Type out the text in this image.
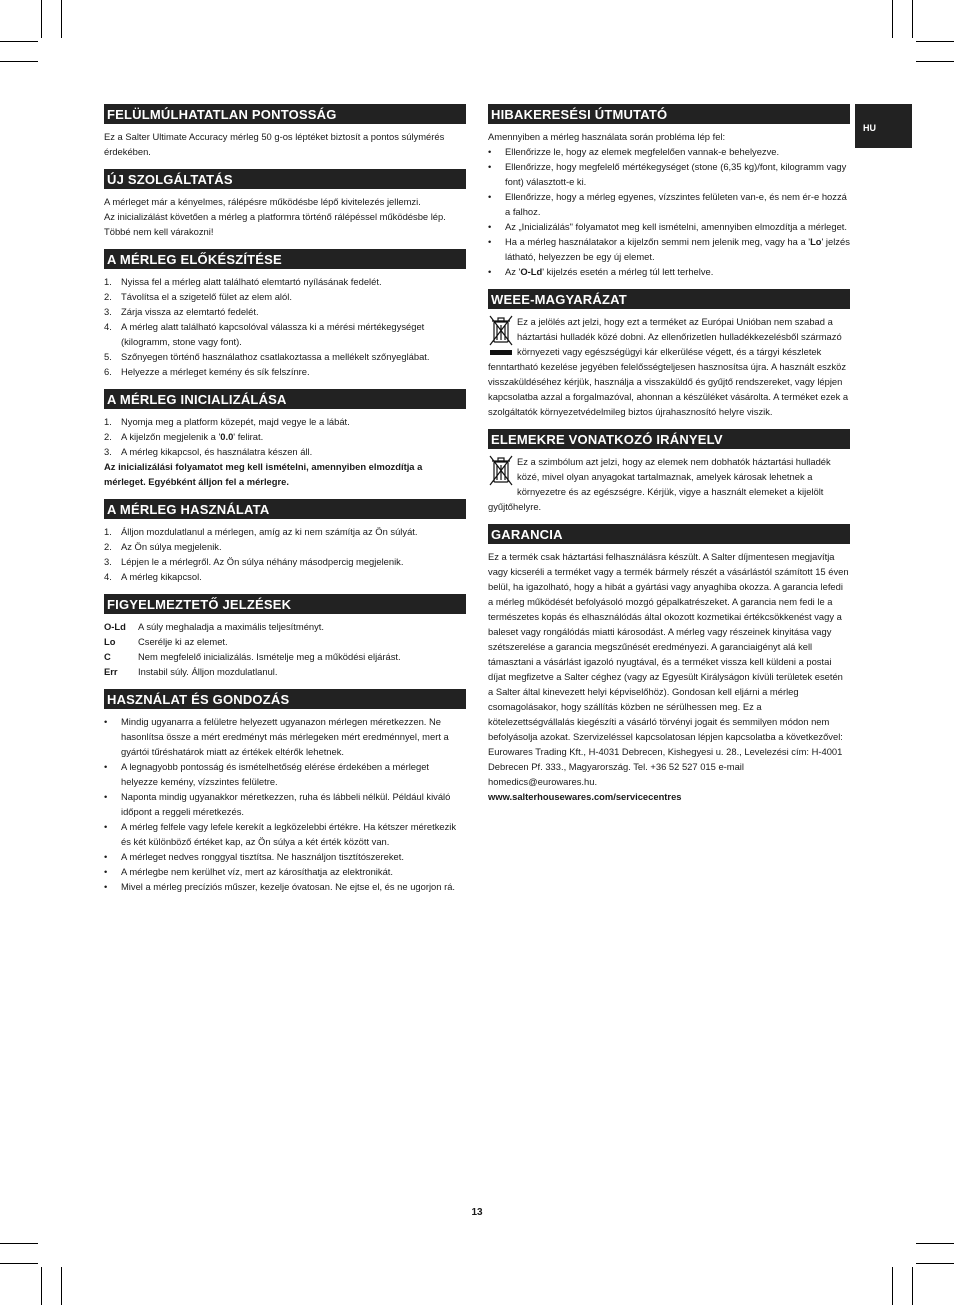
HU
FELÜLMÚLHATATLAN PONTOSSÁG

Ez a Salter Ultimate Accuracy mérleg 50 g-os léptéket biztosít a pontos súlymérés érdekében.

ÚJ SZOLGÁLTATÁS

A mérleget már a kényelmes, rálépésre működésbe lépő kivitelezés jellemzi.

Az inicializálást követően a mérleg a platformra történő rálépéssel működésbe lép.

Többé nem kell várakozni!

A MÉRLEG ELŐKÉSZÍTÉSE
1. Nyissa fel a mérleg alatt található elemtartó nyílásának fedelét.
2. Távolítsa el a szigetelő fület az elem alól.
3. Zárja vissza az elemtartó fedelét.
4. A mérleg alatt található kapcsolóval válassza ki a mérési mértékegységet (kilogramm, stone vagy font).
5. Szőnyegen történő használathoz csatlakoztassa a mellékelt szőnyeglábat.
6. Helyezze a mérleget kemény és sík felszínre.
A MÉRLEG INICIALIZÁLÁSA
1. Nyomja meg a platform közepét, majd vegye le a lábát.
2. A kijelzőn megjelenik a '0.0' felirat.
3. A mérleg kikapcsol, és használatra készen áll.

Az inicializálási folyamatot meg kell ismételni, amennyiben elmozdítja a mérleget. Egyébként álljon fel a mérlegre.

A MÉRLEG HASZNÁLATA
1. Álljon mozdulatlanul a mérlegen, amíg az ki nem számítja az Ön súlyát.
2. Az Ön súlya megjelenik.
3. Lépjen le a mérlegről. Az Ön súlya néhány másodpercig megjelenik.
4. A mérleg kikapcsol.
FIGYELMEZTETŐ JELZÉSEK
O-Ld	A súly meghaladja a maximális teljesítményt.
Lo	Cserélje ki az elemet.
C	Nem megfelelő inicializálás. Ismételje meg a működési eljárást.
Err	Instabil súly. Álljon mozdulatlanul.
HASZNÁLAT ÉS GONDOZÁS
• Mindig ugyanarra a felületre helyezett ugyanazon mérlegen méretkezzen. Ne hasonlítsa össze a mért eredményt más mérlegeken mért eredménnyel, mert a gyártói tűréshatárok miatt az értékek eltérők lehetnek.
• A legnagyobb pontosság és ismételhetőség elérése érdekében a mérleget helyezze kemény, vízszintes felületre.
• Naponta mindig ugyanakkor méretkezzen, ruha és lábbeli nélkül. Például kiváló időpont a reggeli méretkezés.
• A mérleg felfele vagy lefele kerekít a legközelebbi értékre. Ha kétszer méretkezik és két különböző értéket kap, az Ön súlya a két érték között van.
• A mérleget nedves ronggyal tisztítsa. Ne használjon tisztítószereket.
• A mérlegbe nem kerülhet víz, mert az károsíthatja az elektronikát.
• Mivel a mérleg precíziós műszer, kezelje óvatosan. Ne ejtse el, és ne ugorjon rá.
HIBAKERESÉSI ÚTMUTATÓ

Amennyiben a mérleg használata során probléma lép fel:

• Ellenőrizze le, hogy az elemek megfelelően vannak-e behelyezve.
• Ellenőrizze, hogy megfelelő mértékegységet (stone (6,35 kg)/font, kilogramm vagy font) választott-e ki.
• Ellenőrizze, hogy a mérleg egyenes, vízszintes felületen van-e, és nem ér-e hozzá a falhoz.
• Az „Inicializálás" folyamatot meg kell ismételni, amennyiben elmozdítja a mérleget.
• Ha a mérleg használatakor a kijelzőn semmi nem jelenik meg, vagy ha a 'Lo' jelzés látható, helyezzen be egy új elemet.
• Az 'O-Ld' kijelzés esetén a mérleg túl lett terhelve.
WEEE-MAGYARÁZAT

Ez a jelölés azt jelzi, hogy ezt a terméket az Európai Unióban nem szabad a háztartási hulladék közé dobni. Az ellenőrizetlen hulladékkezelésből származó környezeti vagy egészségügyi kár elkerülése végett, és a tárgyi készletek fenntartható kezelése jegyében felelősségteljesen hasznosítsa újra. A használt eszköz visszaküldéséhez kérjük, használja a visszaküldő és gyűjtő rendszereket, vagy lépjen kapcsolatba azzal a forgalmazóval, ahonnan a készüléket vásárolta. A terméket ezek a szolgáltatók környezetvédelmileg biztos újrahasznosító helyre viszik.

ELEMEKRE VONATKOZÓ IRÁNYELV

Ez a szimbólum azt jelzi, hogy az elemek nem dobhatók háztartási hulladék közé, mivel olyan anyagokat tartalmaznak, amelyek károsak lehetnek a környezetre és az egészségre. Kérjük, vigye a használt elemeket a kijelölt gyűjtőhelyre.

GARANCIA

Ez a termék csak háztartási felhasználásra készült. A Salter díjmentesen megjavítja vagy kicseréli a terméket vagy a termék bármely részét a vásárlástól számított 15 éven belül, ha igazolható, hogy a hibát a gyártási vagy anyaghiba okozza. A garancia lefedi a mérleg működését befolyásoló mozgó gépalkatrészeket. A garancia nem fedi le a természetes kopás és elhasználódás által okozott kozmetikai értékcsökkenést vagy a baleset vagy rongálódás miatti károsodást. A mérleg vagy részeinek kinyitása vagy szétszerelése a garancia megszűnését eredményezi. A garanciaigényt alá kell támasztani a vásárlást igazoló nyugtával, és a terméket vissza kell küldeni a postai díjat megfizetve a Salter céghez (vagy az Egyesült Királyságon kívüli területek esetén a Salter által kinevezett helyi képviselőhöz). Gondosan kell eljárni a mérleg csomagolásakor, hogy szállítás közben ne sérülhessen meg. Ez a kötelezettségvállalás kiegészíti a vásárló törvényi jogait és semmilyen módon nem befolyásolja azokat. Szervizeléssel kapcsolatosan lépjen kapcsolatba a következővel: Eurowares Trading Kft., H-4031 Debrecen, Kishegyesi u. 28., Levelezési cím: H-4001 Debrecen Pf. 333., Magyarország. Tel. +36 52 527 015 e-mail homedics@eurowares.hu.

www.salterhousewares.com/servicecentres

13
